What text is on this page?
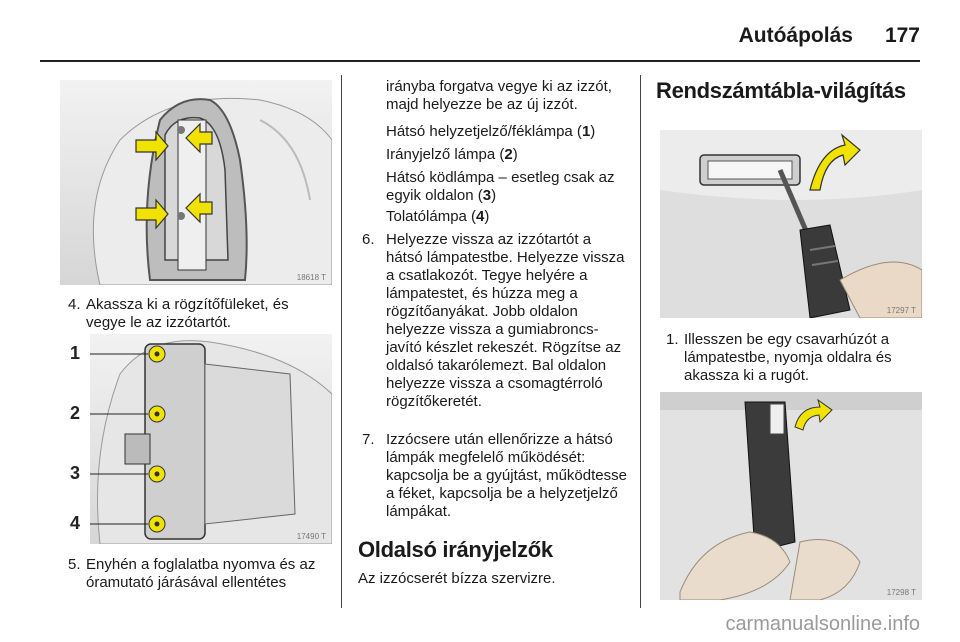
Autóápolás 177
18618 T
4. Akassza ki a rögzítőfüleket, és vegye le az izzótartót.
17490 T
1
2
3
4
5. Enyhén a foglalatba nyomva és az óramutató járásával ellentétes

irányba forgatva vegye ki az izzót, majd helyezze be az új izzót.

Hátsó helyzetjelző/féklámpa (1)

Irányjelző lámpa (2)

Hátsó ködlámpa – esetleg csak az egyik oldalon (3)

Tolatólámpa (4)

6. Helyezze vissza az izzótartót a hátsó lámpatestbe. Helyezze vissza a csatlakozót. Tegye helyére a lámpatestet, és húzza meg a rögzítőanyákat. Jobb oldalon helyezze vissza a gumiabroncs-javító készlet rekeszét. Rögzítse az oldalsó takarólemezt. Bal oldalon helyezze vissza a csomagtérroló rögzítőkeretét.
7. Izzócsere után ellenőrizze a hátsó lámpák megfelelő működését: kapcsolja be a gyújtást, működtesse a féket, kapcsolja be a helyzetjelző lámpákat.
Oldalsó irányjelzők

Az izzócserét bízza szervizre.

Rendszámtábla-világítás
17297 T
1. Illesszen be egy csavarhúzót a lámpatestbe, nyomja oldalra és akassza ki a rugót.
17298 T
carmanualsonline.info
